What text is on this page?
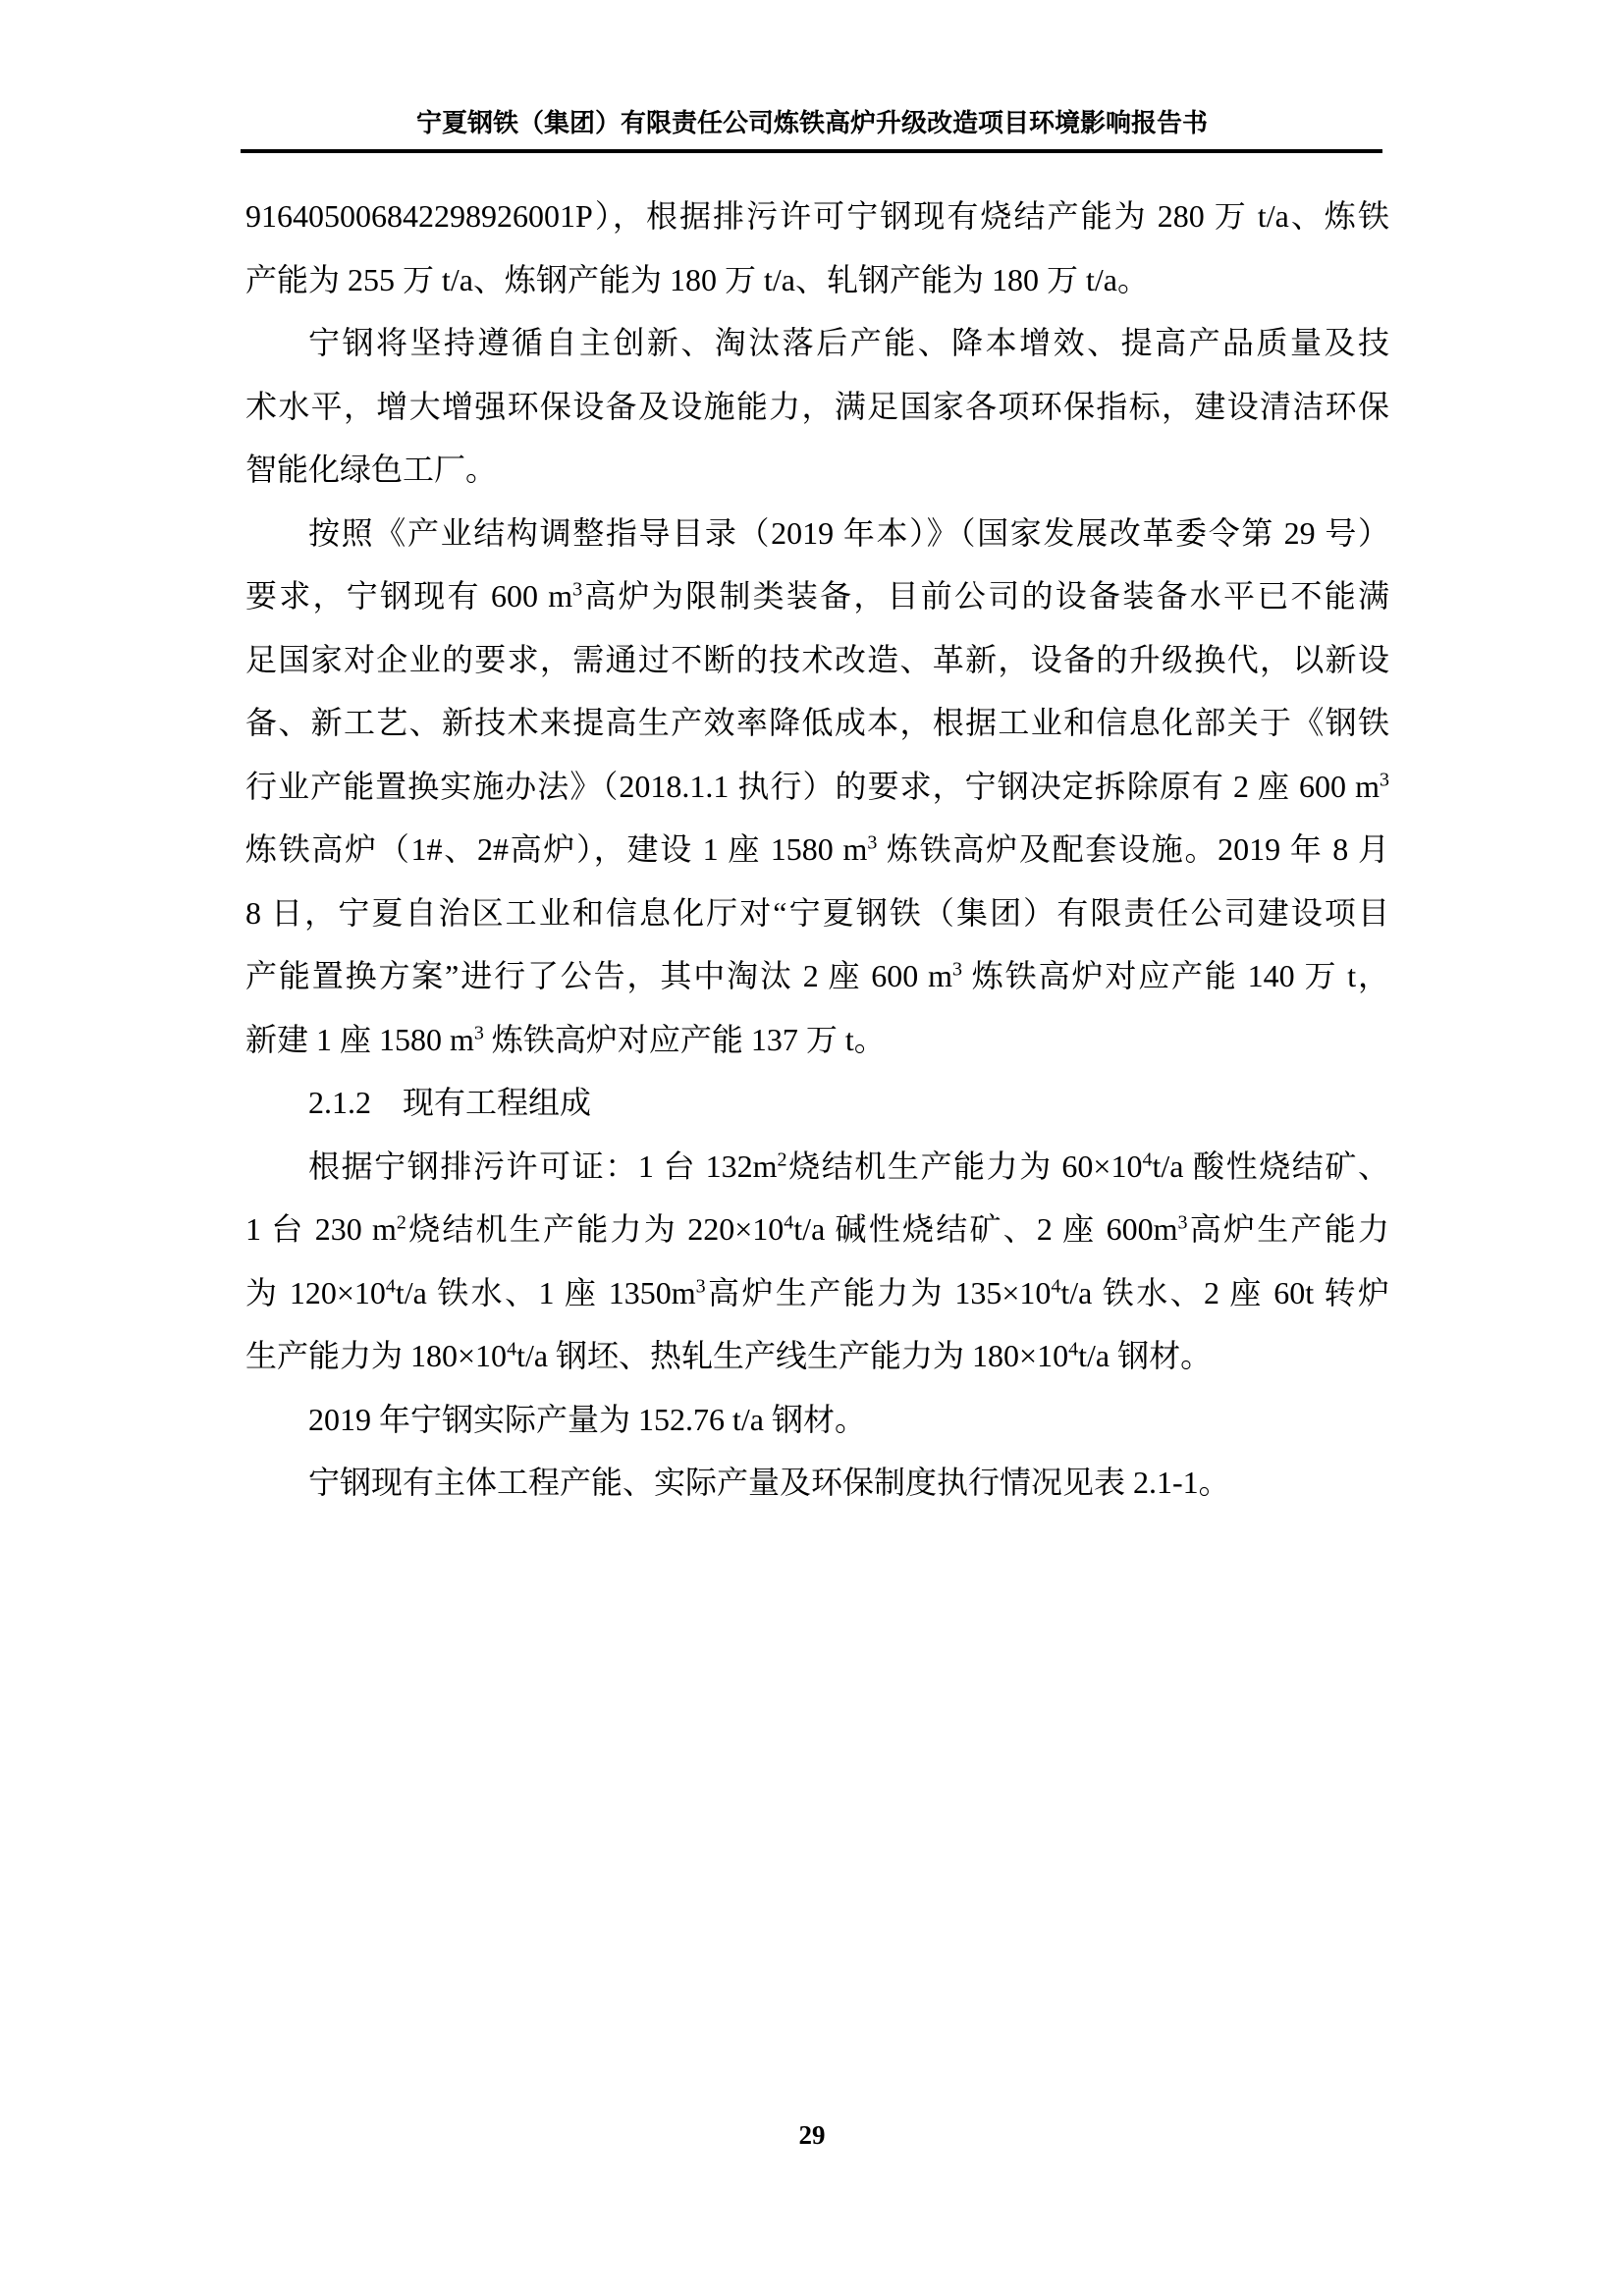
宁夏钢铁（集团）有限责任公司炼铁高炉升级改造项目环境影响报告书
916405006842298926001P），根据排污许可宁钢现有烧结产能为 280 万 t/a、炼铁
产能为 255 万 t/a、炼钢产能为 180 万 t/a、轧钢产能为 180 万 t/a。
宁钢将坚持遵循自主创新、淘汰落后产能、降本增效、提高产品质量及技
术水平，增大增强环保设备及设施能力，满足国家各项环保指标，建设清洁环保
智能化绿色工厂。
按照《产业结构调整指导目录（2019 年本）》（国家发展改革委令第 29 号）
要求，宁钢现有 600 $m^3$高炉为限制类装备，目前公司的设备装备水平已不能满
足国家对企业的要求，需通过不断的技术改造、革新，设备的升级换代，以新设
备、新工艺、新技术来提高生产效率降低成本，根据工业和信息化部关于《钢铁
行业产能置换实施办法》（2018.1.1 执行）的要求，宁钢决定拆除原有 2 座 600 $m^3$
炼铁高炉（1#、2#高炉），建设 1 座 1580 $m^3$ 炼铁高炉及配套设施。2019 年 8 月
8 日，宁夏自治区工业和信息化厅对“宁夏钢铁（集团）有限责任公司建设项目
产能置换方案”进行了公告，其中淘汰 2 座 600 $m^3$ 炼铁高炉对应产能 140 万 t，
新建 1 座 1580 $m^3$ 炼铁高炉对应产能 137 万 t。
2.1.2 现有工程组成
根据宁钢排污许可证：1 台 $132m^2$烧结机生产能力为 $60\times 10^4t/a$ 酸性烧结矿、
1 台 230 $m^2$烧结机生产能力为 $220\times 10^4t/a$ 碱性烧结矿、2 座 $600m^3$高炉生产能力
为 $120\times 10^4t/a$ 铁水、1 座 $1350m^3$高炉生产能力为 $135\times 10^4t/a$ 铁水、2 座 60t 转炉
生产能力为 $180\times 10^4t/a$ 钢坯、热轧生产线生产能力为 $180\times 10^4t/a$ 钢材。
2019 年宁钢实际产量为 152.76 t/a 钢材。
宁钢现有主体工程产能、实际产量及环保制度执行情况见表 2.1-1。
29
